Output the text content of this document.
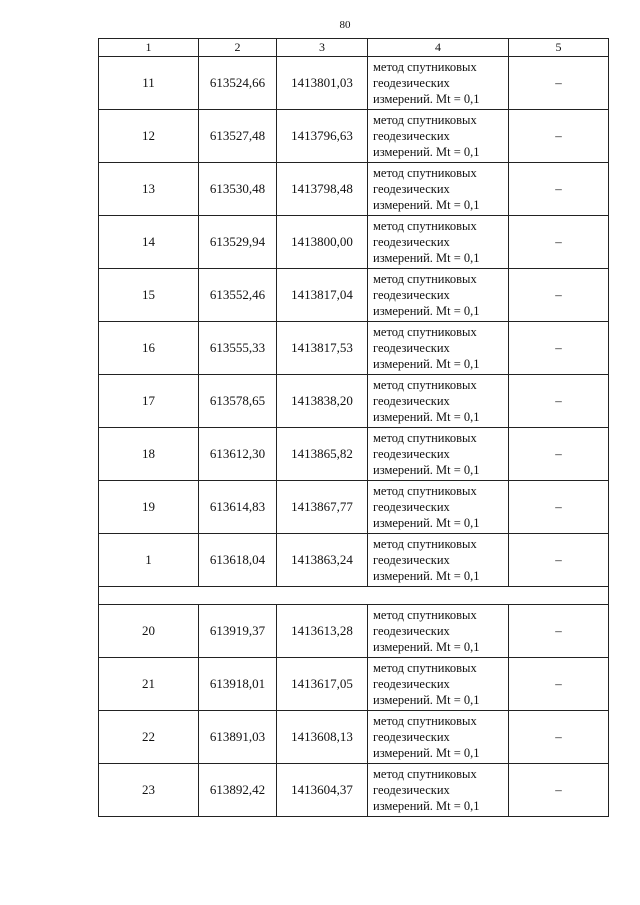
80
1	2	3	4	5
11	613524,66	1413801,03	метод спутниковых
геодезических
измерений. Mt = 0,1	–
12	613527,48	1413796,63	метод спутниковых
геодезических
измерений. Mt = 0,1	–
13	613530,48	1413798,48	метод спутниковых
геодезических
измерений. Mt = 0,1	–
14	613529,94	1413800,00	метод спутниковых
геодезических
измерений. Mt = 0,1	–
15	613552,46	1413817,04	метод спутниковых
геодезических
измерений. Mt = 0,1	–
16	613555,33	1413817,53	метод спутниковых
геодезических
измерений. Mt = 0,1	–
17	613578,65	1413838,20	метод спутниковых
геодезических
измерений. Mt = 0,1	–
18	613612,30	1413865,82	метод спутниковых
геодезических
измерений. Mt = 0,1	–
19	613614,83	1413867,77	метод спутниковых
геодезических
измерений. Mt = 0,1	–
1	613618,04	1413863,24	метод спутниковых
геодезических
измерений. Mt = 0,1	–

20	613919,37	1413613,28	метод спутниковых
геодезических
измерений. Mt = 0,1	–
21	613918,01	1413617,05	метод спутниковых
геодезических
измерений. Mt = 0,1	–
22	613891,03	1413608,13	метод спутниковых
геодезических
измерений. Mt = 0,1	–
23	613892,42	1413604,37	метод спутниковых
геодезических
измерений. Mt = 0,1	–
